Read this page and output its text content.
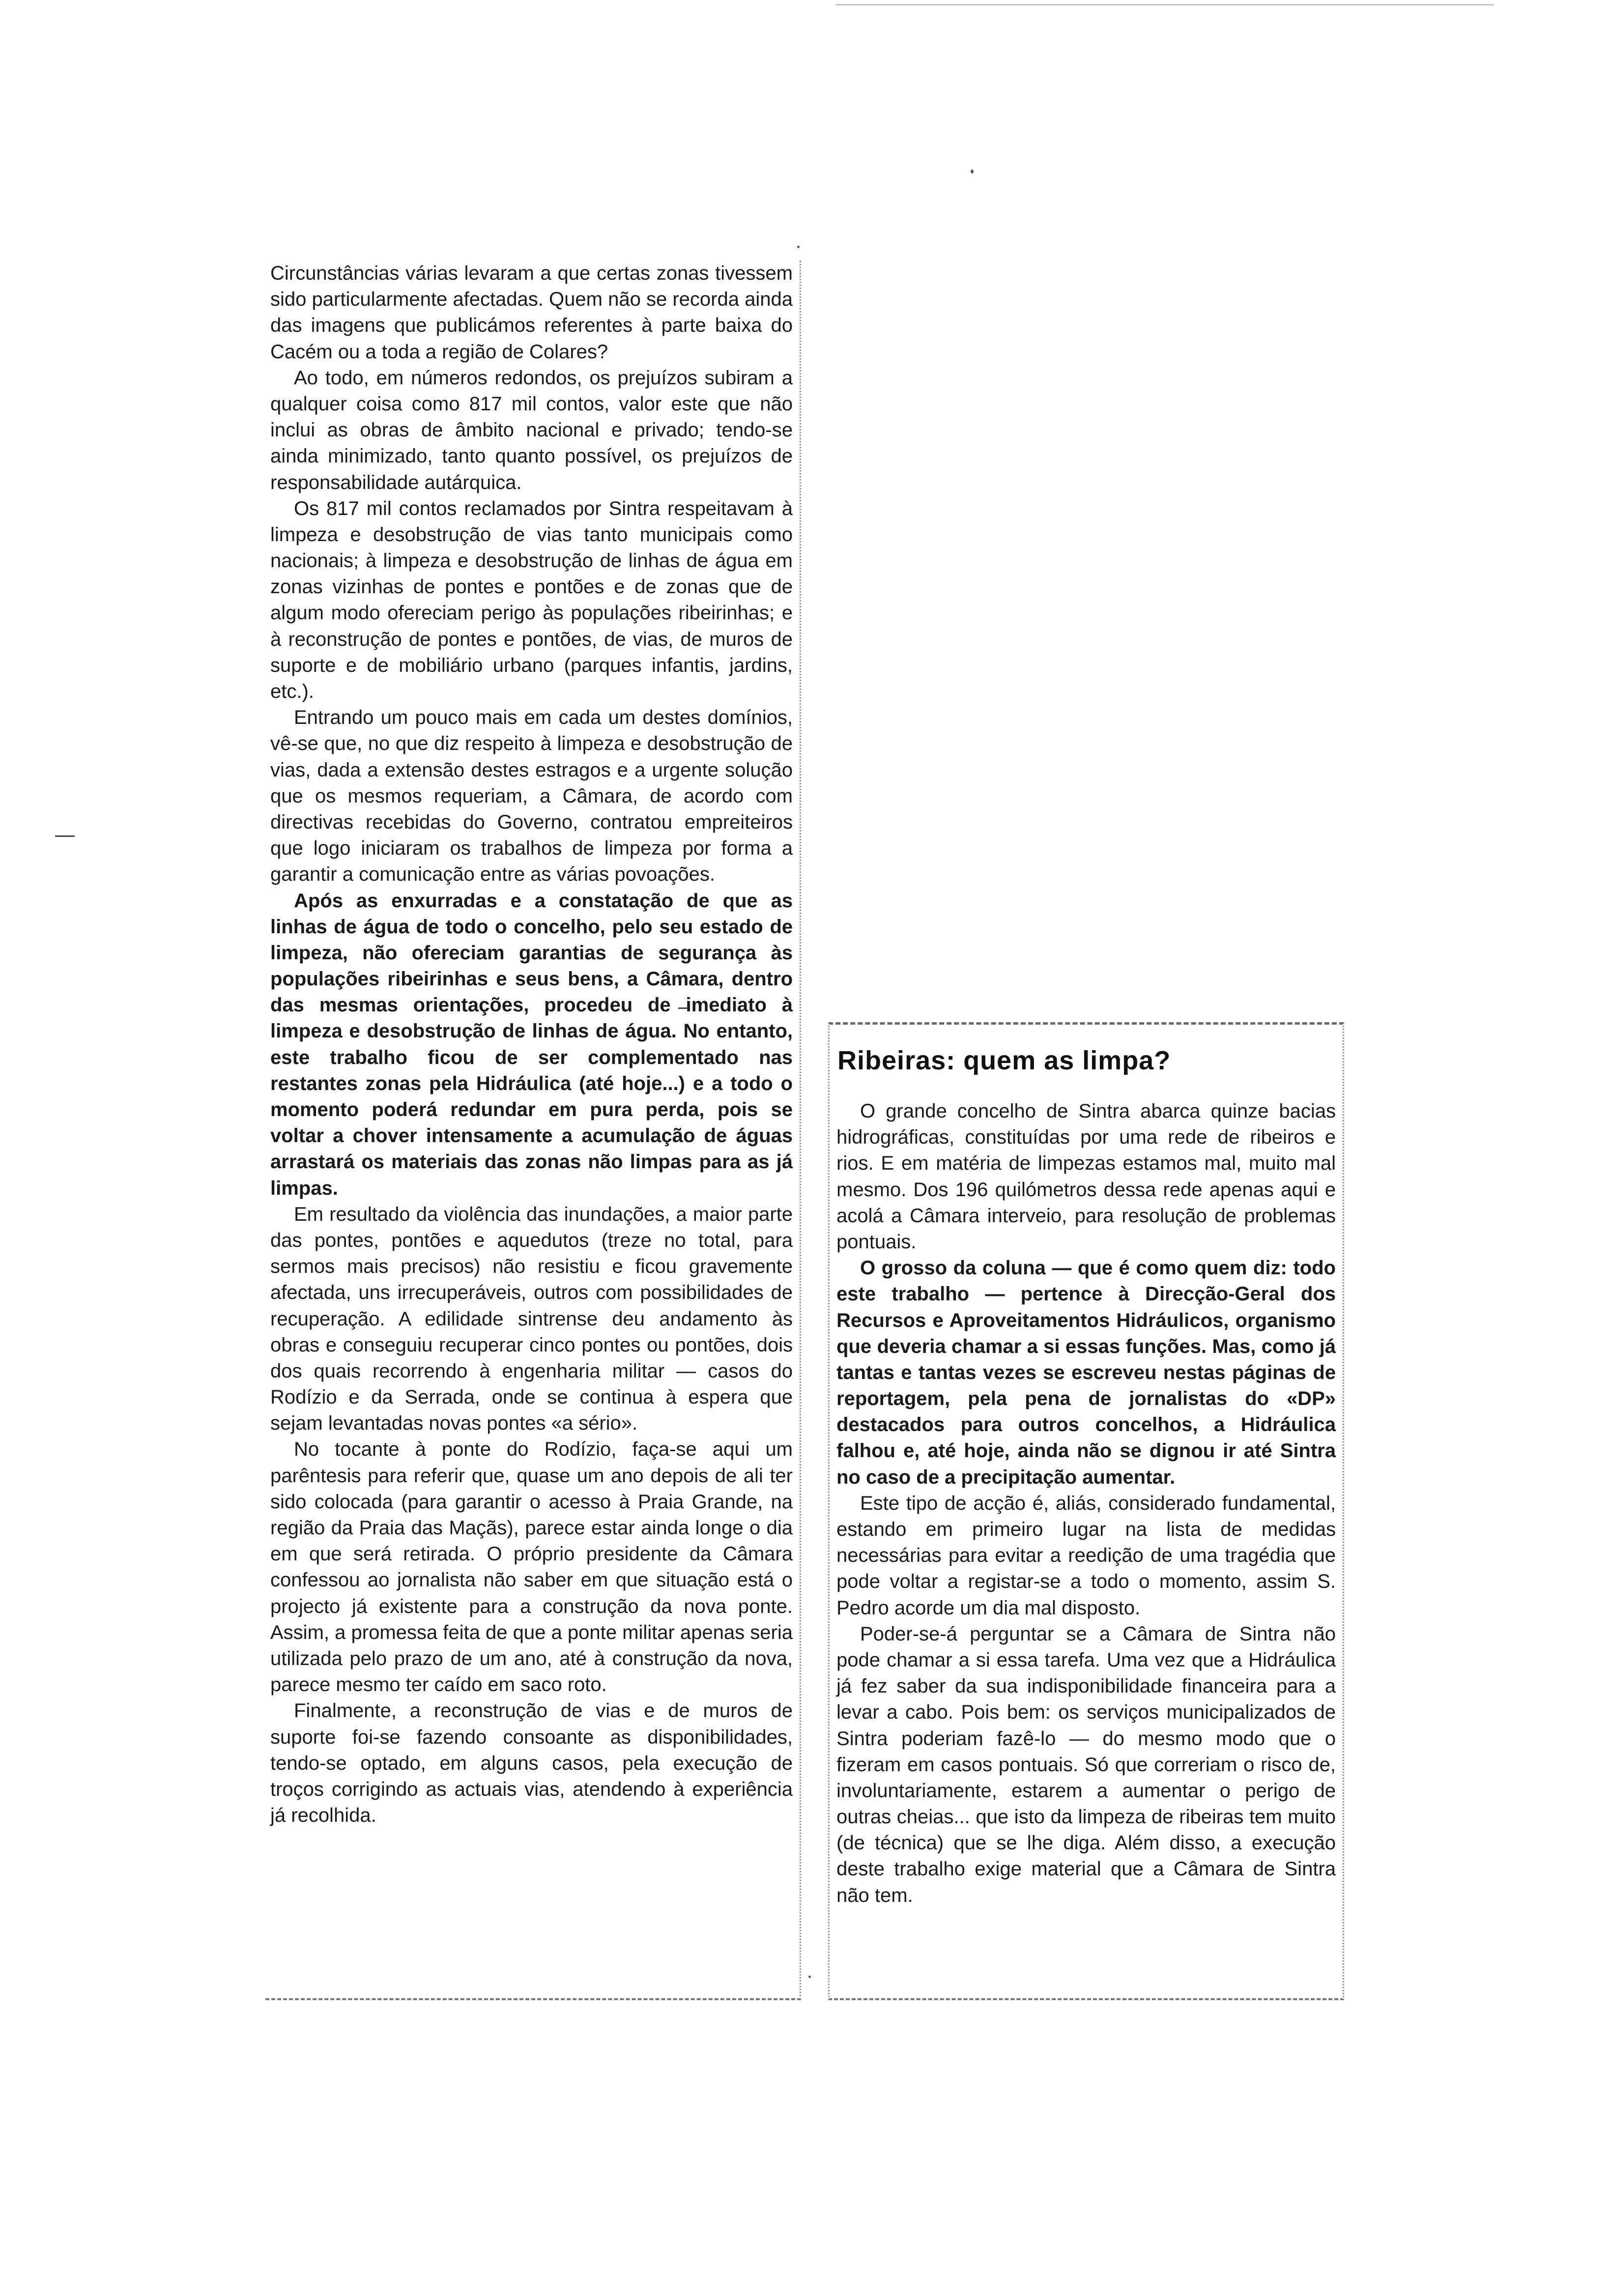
Circunstâncias várias levaram a que certas zonas tivessem sido particularmente afectadas. Quem não se recorda ainda das imagens que publicámos referentes à parte baixa do Cacém ou a toda a região de Colares?

Ao todo, em números redondos, os prejuízos subiram a qualquer coisa como 817 mil contos, valor este que não inclui as obras de âmbito nacional e privado; tendo-se ainda minimizado, tanto quanto possível, os prejuízos de responsabilidade autárquica.

Os 817 mil contos reclamados por Sintra respeitavam à limpeza e desobstrução de vias tanto municipais como nacionais; à limpeza e desobstrução de linhas de água em zonas vizinhas de pontes e pontões e de zonas que de algum modo ofereciam perigo às populações ribeirinhas; e à reconstrução de pontes e pontões, de vias, de muros de suporte e de mobiliário urbano (parques infantis, jardins, etc.).

Entrando um pouco mais em cada um destes domínios, vê-se que, no que diz respeito à limpeza e desobstrução de vias, dada a extensão destes estragos e a urgente solução que os mesmos requeriam, a Câmara, de acordo com directivas recebidas do Governo, contratou empreiteiros que logo iniciaram os trabalhos de limpeza por forma a garantir a comunicação entre as várias povoações.

Após as enxurradas e a constatação de que as linhas de água de todo o concelho, pelo seu estado de limpeza, não ofereciam garantias de segurança às populações ribeirinhas e seus bens, a Câmara, dentro das mesmas orientações, procedeu de imediato à limpeza e desobstrução de linhas de água. No entanto, este trabalho ficou de ser complementado nas restantes zonas pela Hidráulica (até hoje...) e a todo o momento poderá redundar em pura perda, pois se voltar a chover intensamente a acumulação de águas arrastará os materiais das zonas não limpas para as já limpas.

Em resultado da violência das inundações, a maior parte das pontes, pontões e aquedutos (treze no total, para sermos mais precisos) não resistiu e ficou gravemente afectada, uns irrecuperáveis, outros com possibilidades de recuperação. A edilidade sintrense deu andamento às obras e conseguiu recuperar cinco pontes ou pontões, dois dos quais recorrendo à engenharia militar — casos do Rodízio e da Serrada, onde se continua à espera que sejam levantadas novas pontes «a sério».

No tocante à ponte do Rodízio, faça-se aqui um parêntesis para referir que, quase um ano depois de ali ter sido colocada (para garantir o acesso à Praia Grande, na região da Praia das Maçãs), parece estar ainda longe o dia em que será retirada. O próprio presidente da Câmara confessou ao jornalista não saber em que situação está o projecto já existente para a construção da nova ponte. Assim, a promessa feita de que a ponte militar apenas seria utilizada pelo prazo de um ano, até à construção da nova, parece mesmo ter caído em saco roto.

Finalmente, a reconstrução de vias e de muros de suporte foi-se fazendo consoante as disponibilidades, tendo-se optado, em alguns casos, pela execução de troços corrigindo as actuais vias, atendendo à experiência já recolhida.

Ribeiras: quem as limpa?

O grande concelho de Sintra abarca quinze bacias hidrográficas, constituídas por uma rede de ribeiros e rios. E em matéria de limpezas estamos mal, muito mal mesmo. Dos 196 quilómetros dessa rede apenas aqui e acolá a Câmara interveio, para resolução de problemas pontuais.

O grosso da coluna — que é como quem diz: todo este trabalho — pertence à Direcção-Geral dos Recursos e Aproveitamentos Hidráulicos, organismo que deveria chamar a si essas funções. Mas, como já tantas e tantas vezes se escreveu nestas páginas de reportagem, pela pena de jornalistas do «DP» destacados para outros concelhos, a Hidráulica falhou e, até hoje, ainda não se dignou ir até Sintra no caso de a precipitação aumentar.

Este tipo de acção é, aliás, considerado fundamental, estando em primeiro lugar na lista de medidas necessárias para evitar a reedição de uma tragédia que pode voltar a registar-se a todo o momento, assim S. Pedro acorde um dia mal disposto.

Poder-se-á perguntar se a Câmara de Sintra não pode chamar a si essa tarefa. Uma vez que a Hidráulica já fez saber da sua indisponibilidade financeira para a levar a cabo. Pois bem: os serviços municipalizados de Sintra poderiam fazê-lo — do mesmo modo que o fizeram em casos pontuais. Só que correriam o risco de, involuntariamente, estarem a aumentar o perigo de outras cheias... que isto da limpeza de ribeiras tem muito (de técnica) que se lhe diga. Além disso, a execução deste trabalho exige material que a Câmara de Sintra não tem.
